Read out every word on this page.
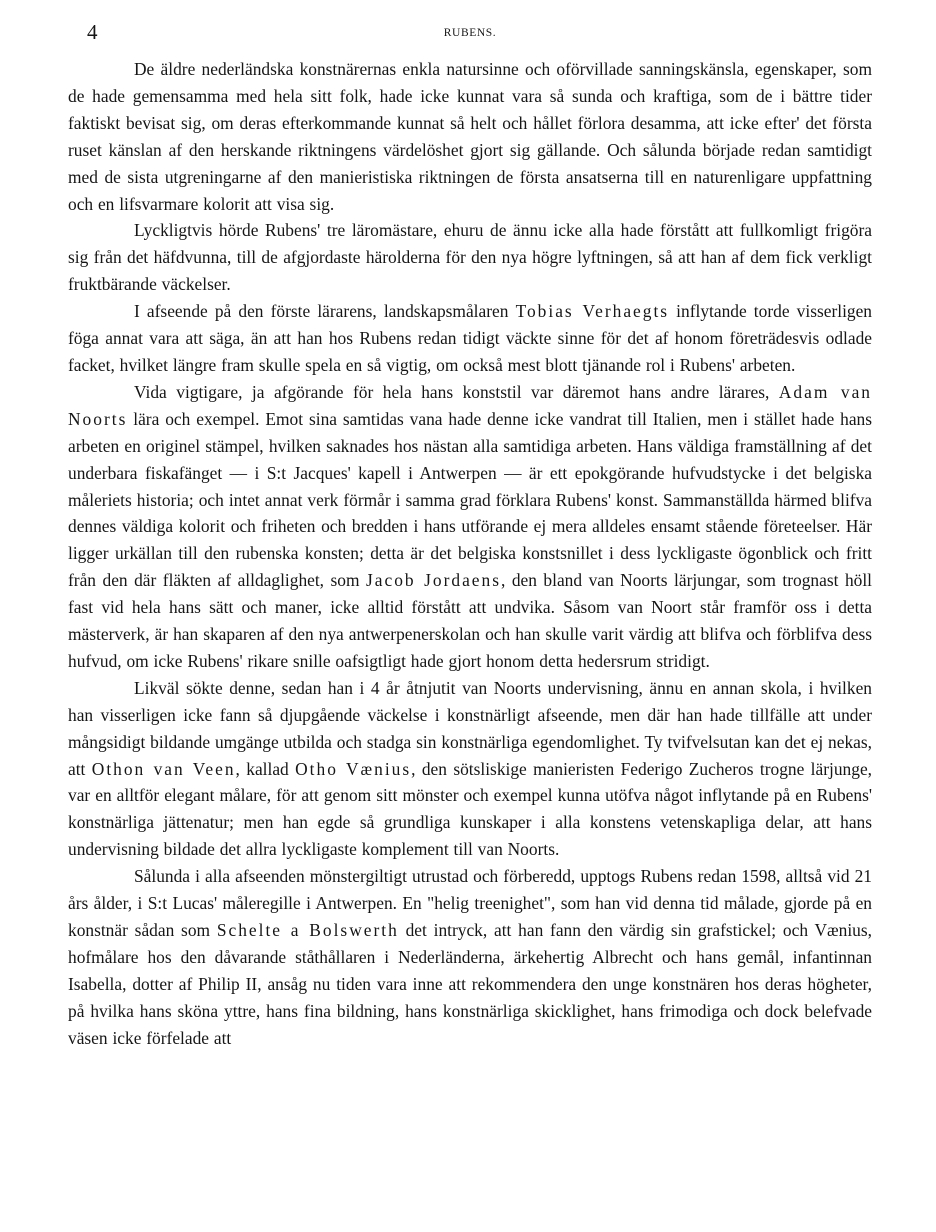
4	RUBENS.

De äldre nederländska konstnärernas enkla natursinne och oförvillade sanningskänsla, egenskaper, som de hade gemensamma med hela sitt folk, hade icke kunnat vara så sunda och kraftiga, som de i bättre tider faktiskt bevisat sig, om deras efterkommande kunnat så helt och hållet förlora desamma, att icke efter' det första ruset känslan af den herskande riktningens värdelöshet gjort sig gällande. Och sålunda började redan samtidigt med de sista utgreningarne af den manieristiska riktningen de första ansatserna till en naturenligare uppfattning och en lifsvarmare kolorit att visa sig.

Lyckligtvis hörde Rubens' tre läromästare, ehuru de ännu icke alla hade förstått att fullkomligt frigöra sig från det häfdvunna, till de afgjordaste härolderna för den nya högre lyftningen, så att han af dem fick verkligt fruktbärande väckelser.

I afseende på den förste lärarens, landskapsmålaren Tobias Verhaegts inflytande torde visserligen föga annat vara att säga, än att han hos Rubens redan tidigt väckte sinne för det af honom företrädesvis odlade facket, hvilket längre fram skulle spela en så vigtig, om också mest blott tjänande rol i Rubens' arbeten.

Vida vigtigare, ja afgörande för hela hans konststil var däremot hans andre lärares, Adam van Noorts lära och exempel. Emot sina samtidas vana hade denne icke vandrat till Italien, men i stället hade hans arbeten en originel stämpel, hvilken saknades hos nästan alla samtidiga arbeten. Hans väldiga framställning af det underbara fiskafänget — i S:t Jacques' kapell i Antwerpen — är ett epokgörande hufvudstycke i det belgiska måleriets historia; och intet annat verk förmår i samma grad förklara Rubens' konst. Sammanställda härmed blifva dennes väldiga kolorit och friheten och bredden i hans utförande ej mera alldeles ensamt stående företeelser. Här ligger urkällan till den rubenska konsten; detta är det belgiska konstsnillet i dess lyckligaste ögonblick och fritt från den där fläkten af alldaglighet, som Jacob Jordaens, den bland van Noorts lärjungar, som trognast höll fast vid hela hans sätt och maner, icke alltid förstått att undvika. Såsom van Noort står framför oss i detta mästerverk, är han skaparen af den nya antwerpenerskolan och han skulle varit värdig att blifva och förblifva dess hufvud, om icke Rubens' rikare snille oafsigtligt hade gjort honom detta hedersrum stridigt.

Likväl sökte denne, sedan han i 4 år åtnjutit van Noorts undervisning, ännu en annan skola, i hvilken han visserligen icke fann så djupgående väckelse i konstnärligt afseende, men där han hade tillfälle att under mångsidigt bildande umgänge utbilda och stadga sin konstnärliga egendomlighet. Ty tvifvelsutan kan det ej nekas, att Othon van Veen, kallad Otho Vænius, den sötsliskige manieristen Federigo Zucheros trogne lärjunge, var en alltför elegant målare, för att genom sitt mönster och exempel kunna utöfva något inflytande på en Rubens' konstnärliga jättenatur; men han egde så grundliga kunskaper i alla konstens vetenskapliga delar, att hans undervisning bildade det allra lyckligaste komplement till van Noorts.

Sålunda i alla afseenden mönstergiltigt utrustad och förberedd, upptogs Rubens redan 1598, alltså vid 21 års ålder, i S:t Lucas' måleregille i Antwerpen. En "helig treenighet", som han vid denna tid målade, gjorde på en konstnär sådan som Schelte a Bolswerth det intryck, att han fann den värdig sin grafstickel; och Vænius, hofmålare hos den dåvarande ståthållaren i Nederländerna, ärkehertig Albrecht och hans gemål, infantinnan Isabella, dotter af Philip II, ansåg nu tiden vara inne att rekommendera den unge konstnären hos deras högheter, på hvilka hans sköna yttre, hans fina bildning, hans konstnärliga skicklighet, hans frimodiga och dock belefvade väsen icke förfelade att
